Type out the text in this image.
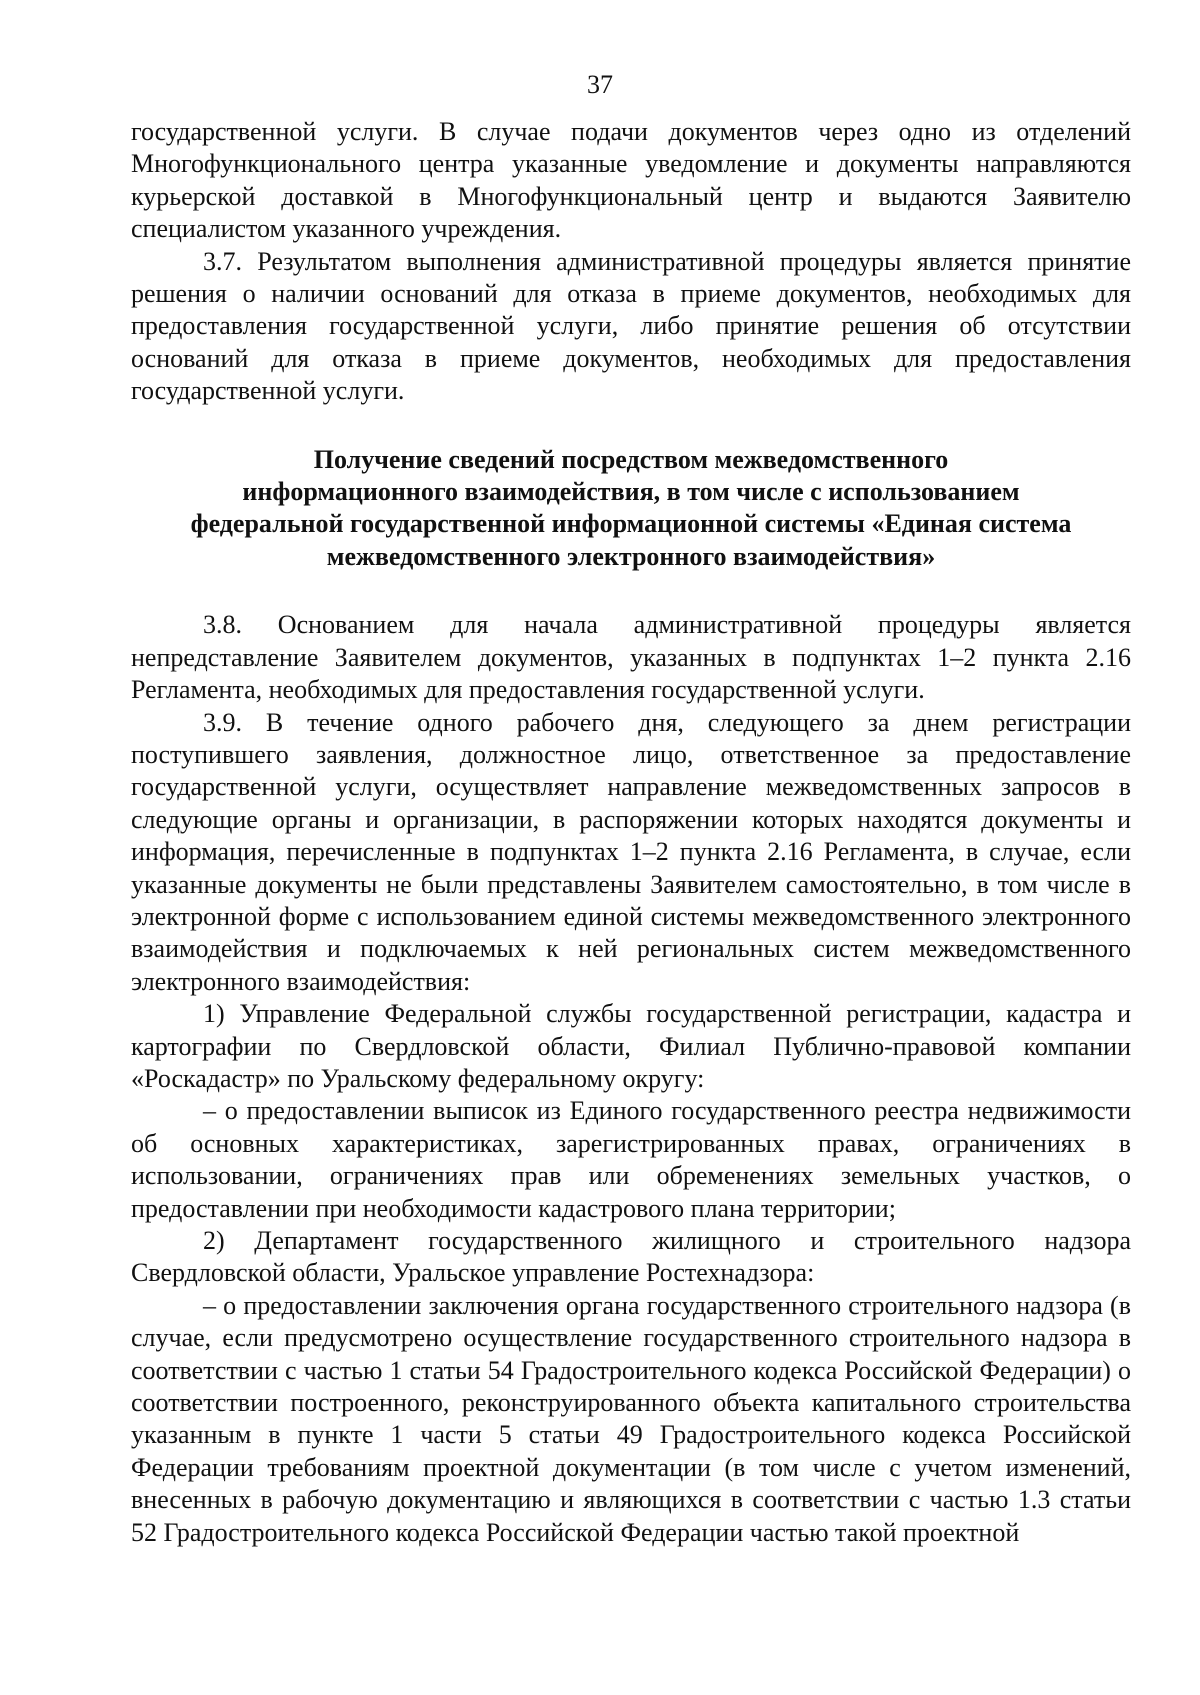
37

государственной услуги. В случае подачи документов через одно из отделений Многофункционального центра указанные уведомление и документы направляются курьерской доставкой в Многофункциональный центр и выдаются Заявителю специалистом указанного учреждения.

3.7. Результатом выполнения административной процедуры является принятие решения о наличии оснований для отказа в приеме документов, необходимых для предоставления государственной услуги, либо принятие решения об отсутствии оснований для отказа в приеме документов, необходимых для предоставления государственной услуги.

Получение сведений посредством межведомственного
информационного взаимодействия, в том числе с использованием
федеральной государственной информационной системы «Единая система
межведомственного электронного взаимодействия»

3.8. Основанием для начала административной процедуры является непредставление Заявителем документов, указанных в подпунктах 1–2 пункта 2.16 Регламента, необходимых для предоставления государственной услуги.

3.9. В течение одного рабочего дня, следующего за днем регистрации поступившего заявления, должностное лицо, ответственное за предоставление государственной услуги, осуществляет направление межведомственных запросов в следующие органы и организации, в распоряжении которых находятся документы и информация, перечисленные в подпунктах 1–2 пункта 2.16 Регламента, в случае, если указанные документы не были представлены Заявителем самостоятельно, в том числе в электронной форме с использованием единой системы межведомственного электронного взаимодействия и подключаемых к ней региональных систем межведомственного электронного взаимодействия:

1) Управление Федеральной службы государственной регистрации, кадастра и картографии по Свердловской области, Филиал Публично-правовой компании «Роскадастр» по Уральскому федеральному округу:

– о предоставлении выписок из Единого государственного реестра недвижимости об основных характеристиках, зарегистрированных правах, ограничениях в использовании, ограничениях прав или обременениях земельных участков, о предоставлении при необходимости кадастрового плана территории;

2) Департамент государственного жилищного и строительного надзора Свердловской области, Уральское управление Ростехнадзора:

– о предоставлении заключения органа государственного строительного надзора (в случае, если предусмотрено осуществление государственного строительного надзора в соответствии с частью 1 статьи 54 Градостроительного кодекса Российской Федерации) о соответствии построенного, реконструированного объекта капитального строительства указанным в пункте 1 части 5 статьи 49 Градостроительного кодекса Российской Федерации требованиям проектной документации (в том числе с учетом изменений, внесенных в рабочую документацию и являющихся в соответствии с частью 1.3 статьи 52 Градостроительного кодекса Российской Федерации частью такой проектной
